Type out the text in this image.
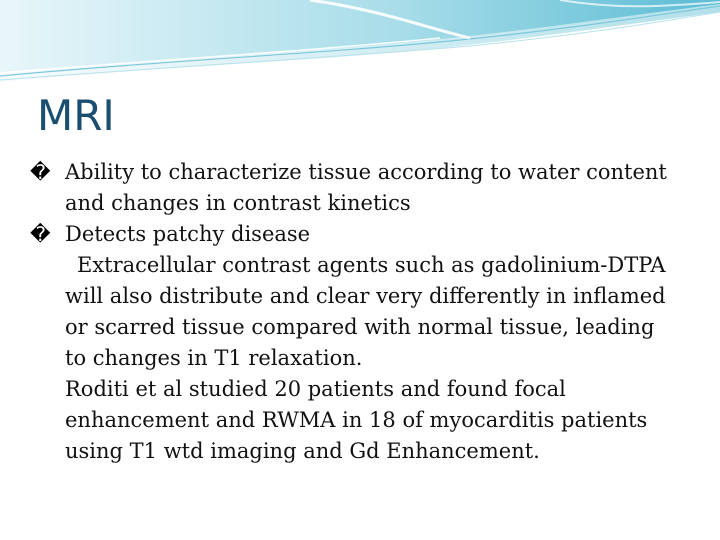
MRI
� Ability to characterize tissue according to water content and changes in contrast kinetics
� Detects patchy disease

Extracellular contrast agents such as gadolinium-DTPA will also distribute and clear very differently in inflamed or scarred tissue compared with normal tissue, leading to changes in T1 relaxation.

Roditi et al studied 20 patients and found focal enhancement and RWMA in 18 of myocarditis patients using T1 wtd imaging and Gd Enhancement.
